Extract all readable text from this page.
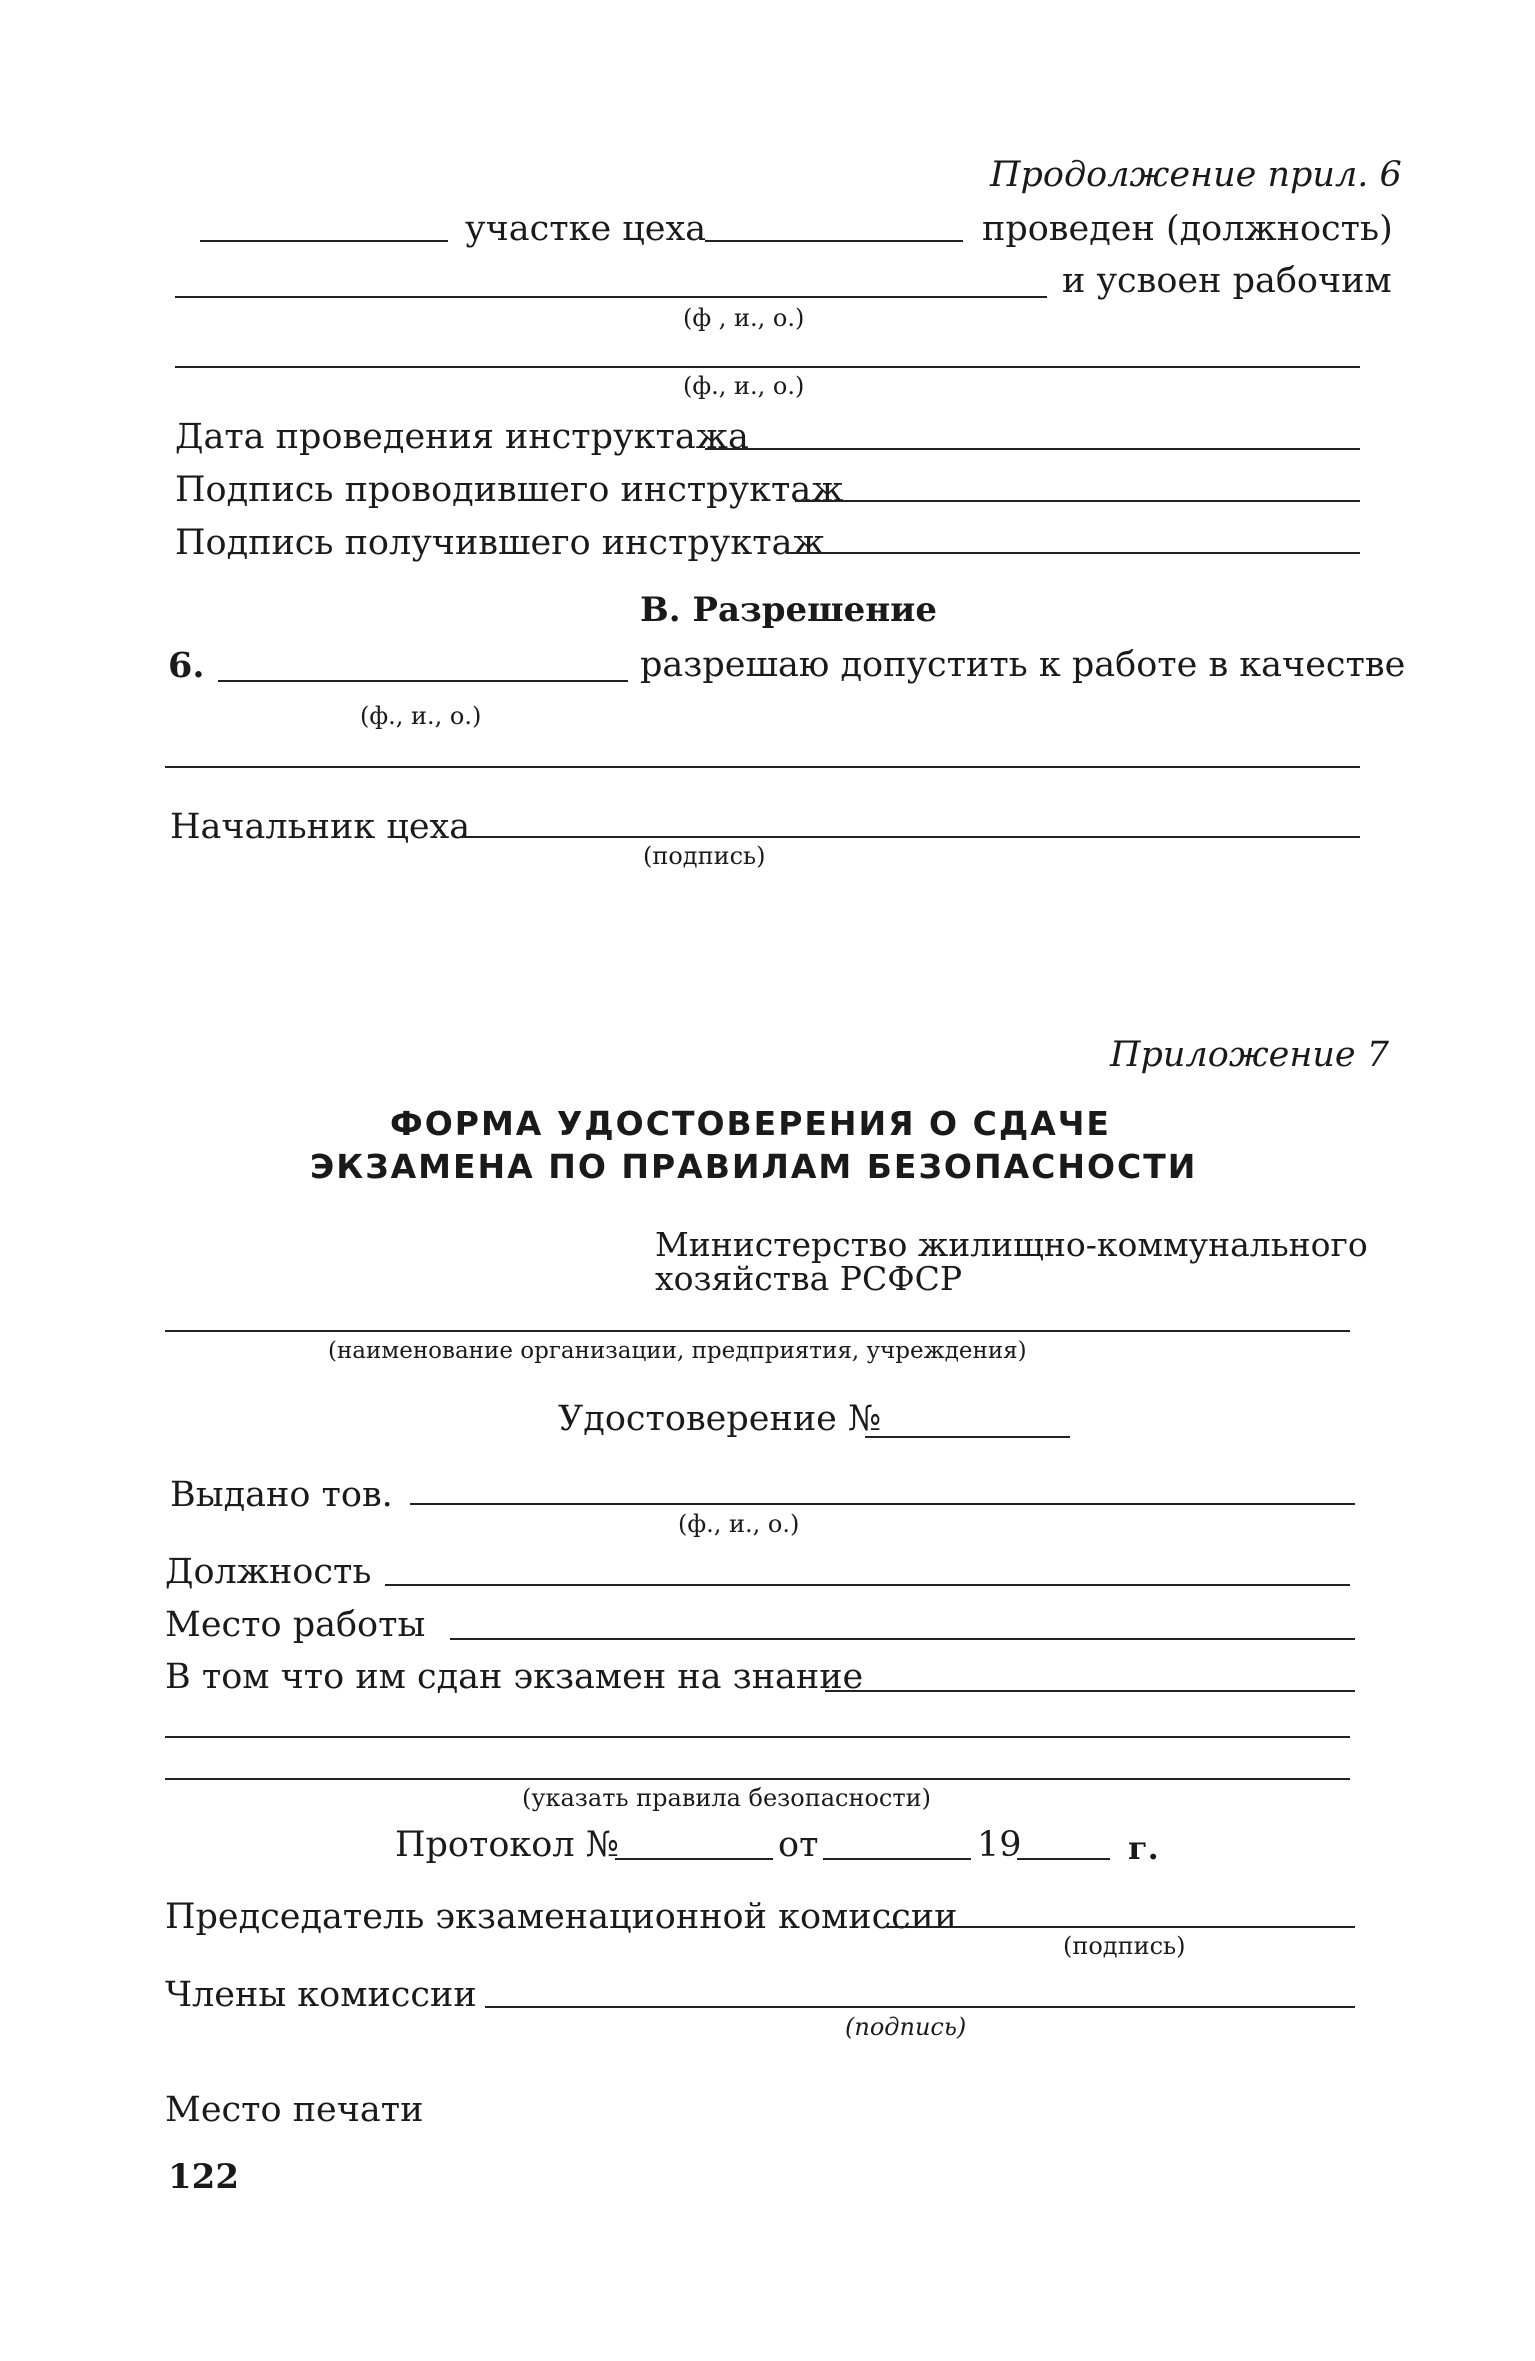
Продолжение прил. 6
участке цеха	проведен (должность)
и усвоен рабочим
(ф , и., о.)
(ф., и., о.)
Дата проведения инструктажа
Подпись проводившего инструктаж
Подпись получившего инструктаж
В. Разрешение
6.	разрешаю допустить к работе в качестве
(ф., и., о.)
Начальник цеха
(подпись)
Приложение 7
ФОРМА УДОСТОВЕРЕНИЯ О СДАЧЕ
ЭКЗАМЕНА ПО ПРАВИЛАМ БЕЗОПАСНОСТИ
Министерство жилищно-коммунального
хозяйства РСФСР
(наименование организации, предприятия, учреждения)
Удостоверение №
Выдано тов.
(ф., и., о.)
Должность
Место работы
В том что им сдан экзамен на знание
(указать правила безопасности)
Протокол №	от	19	г.
Председатель экзаменационной комиссии
(подпись)
Члены комиссии
(подпись)
Место печати
122
